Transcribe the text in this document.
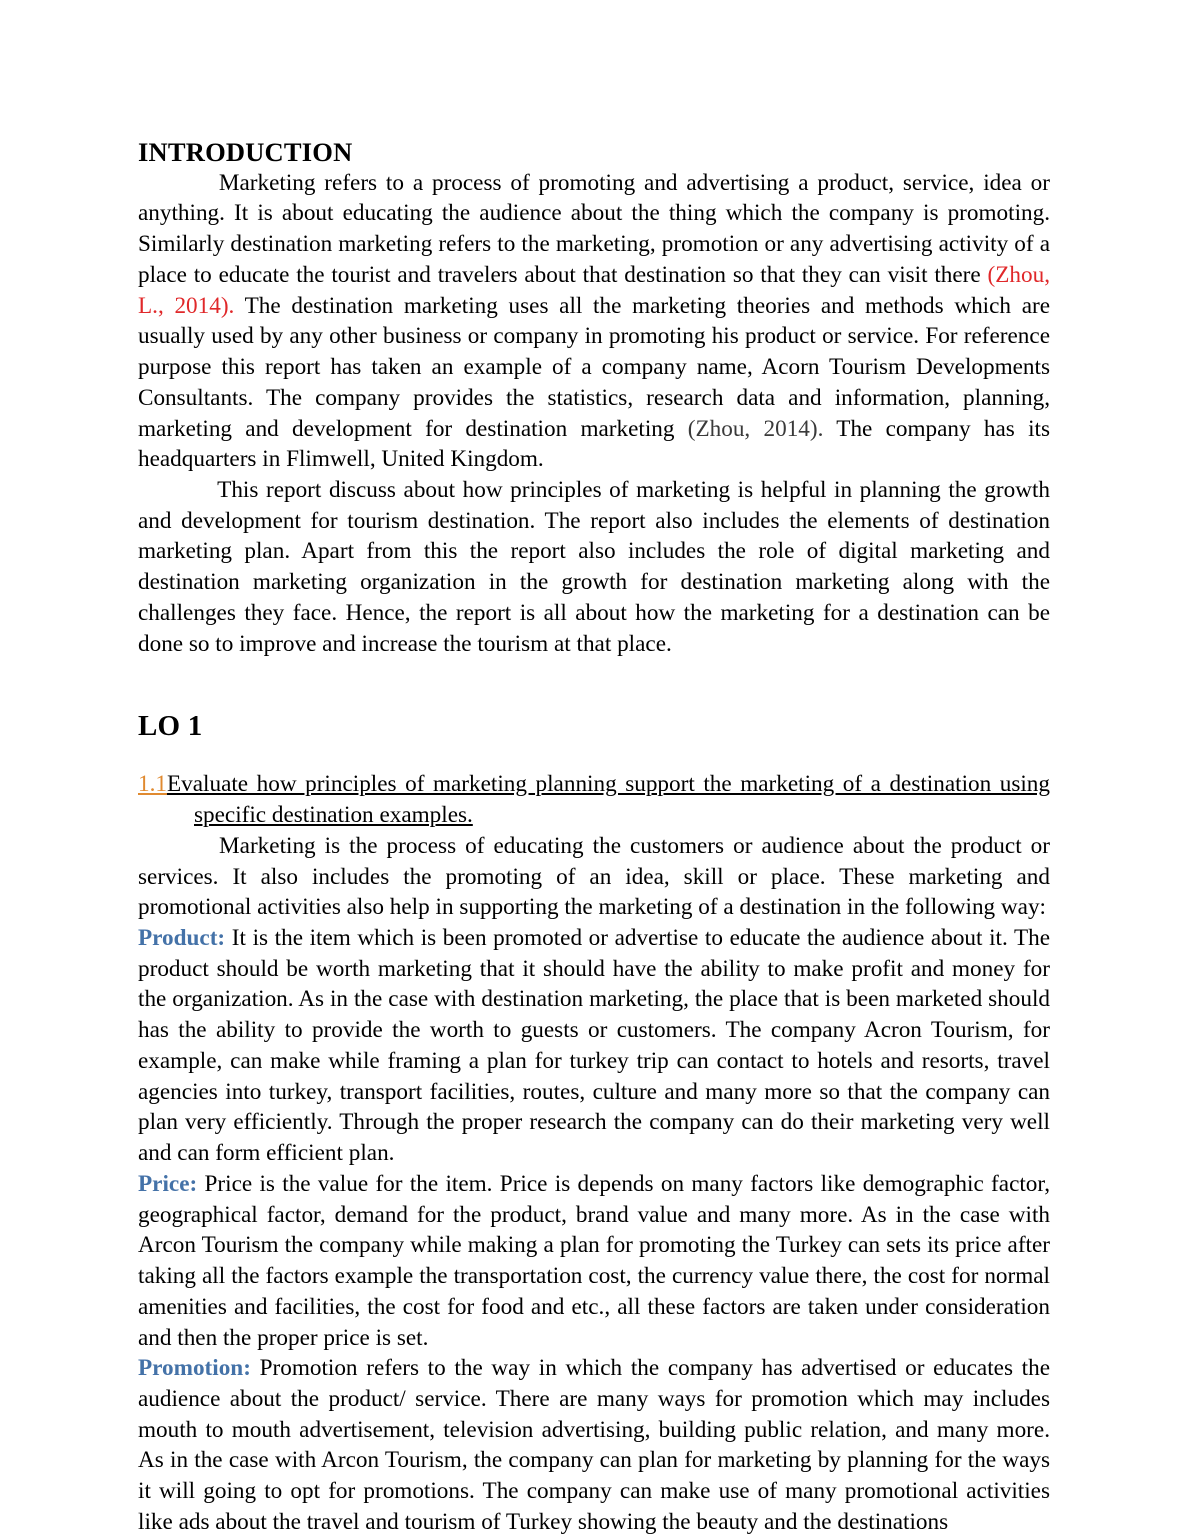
INTRODUCTION

Marketing refers to a process of promoting and advertising a product, service, idea or anything. It is about educating the audience about the thing which the company is promoting. Similarly destination marketing refers to the marketing, promotion or any advertising activity of a place to educate the tourist and travelers about that destination so that they can visit there (Zhou, L., 2014). The destination marketing uses all the marketing theories and methods which are usually used by any other business or company in promoting his product or service. For reference purpose this report has taken an example of a company name, Acorn Tourism Developments Consultants. The company provides the statistics, research data and information, planning, marketing and development for destination marketing (Zhou, 2014). The company has its headquarters in Flimwell, United Kingdom.

This report discuss about how principles of marketing is helpful in planning the growth and development for tourism destination. The report also includes the elements of destination marketing plan. Apart from this the report also includes the role of digital marketing and destination marketing organization in the growth for destination marketing along with the challenges they face. Hence, the report is all about how the marketing for a destination can be done so to improve and increase the tourism at that place.

LO 1

1.1Evaluate how principles of marketing planning support the marketing of a destination using specific destination examples.

Marketing is the process of educating the customers or audience about the product or services. It also includes the promoting of an idea, skill or place. These marketing and promotional activities also help in supporting the marketing of a destination in the following way:

Product: It is the item which is been promoted or advertise to educate the audience about it. The product should be worth marketing that it should have the ability to make profit and money for the organization. As in the case with destination marketing, the place that is been marketed should has the ability to provide the worth to guests or customers. The company Acron Tourism, for example, can make while framing a plan for turkey trip can contact to hotels and resorts, travel agencies into turkey, transport facilities, routes, culture and many more so that the company can plan very efficiently. Through the proper research the company can do their marketing very well and can form efficient plan.

Price: Price is the value for the item. Price is depends on many factors like demographic factor, geographical factor, demand for the product, brand value and many more. As in the case with Arcon Tourism the company while making a plan for promoting the Turkey can sets its price after taking all the factors example the transportation cost, the currency value there, the cost for normal amenities and facilities, the cost for food and etc., all these factors are taken under consideration and then the proper price is set.

Promotion: Promotion refers to the way in which the company has advertised or educates the audience about the product/ service. There are many ways for promotion which may includes mouth to mouth advertisement, television advertising, building public relation, and many more. As in the case with Arcon Tourism, the company can plan for marketing by planning for the ways it will going to opt for promotions. The company can make use of many promotional activities like ads about the travel and tourism of Turkey showing the beauty and the destinations
